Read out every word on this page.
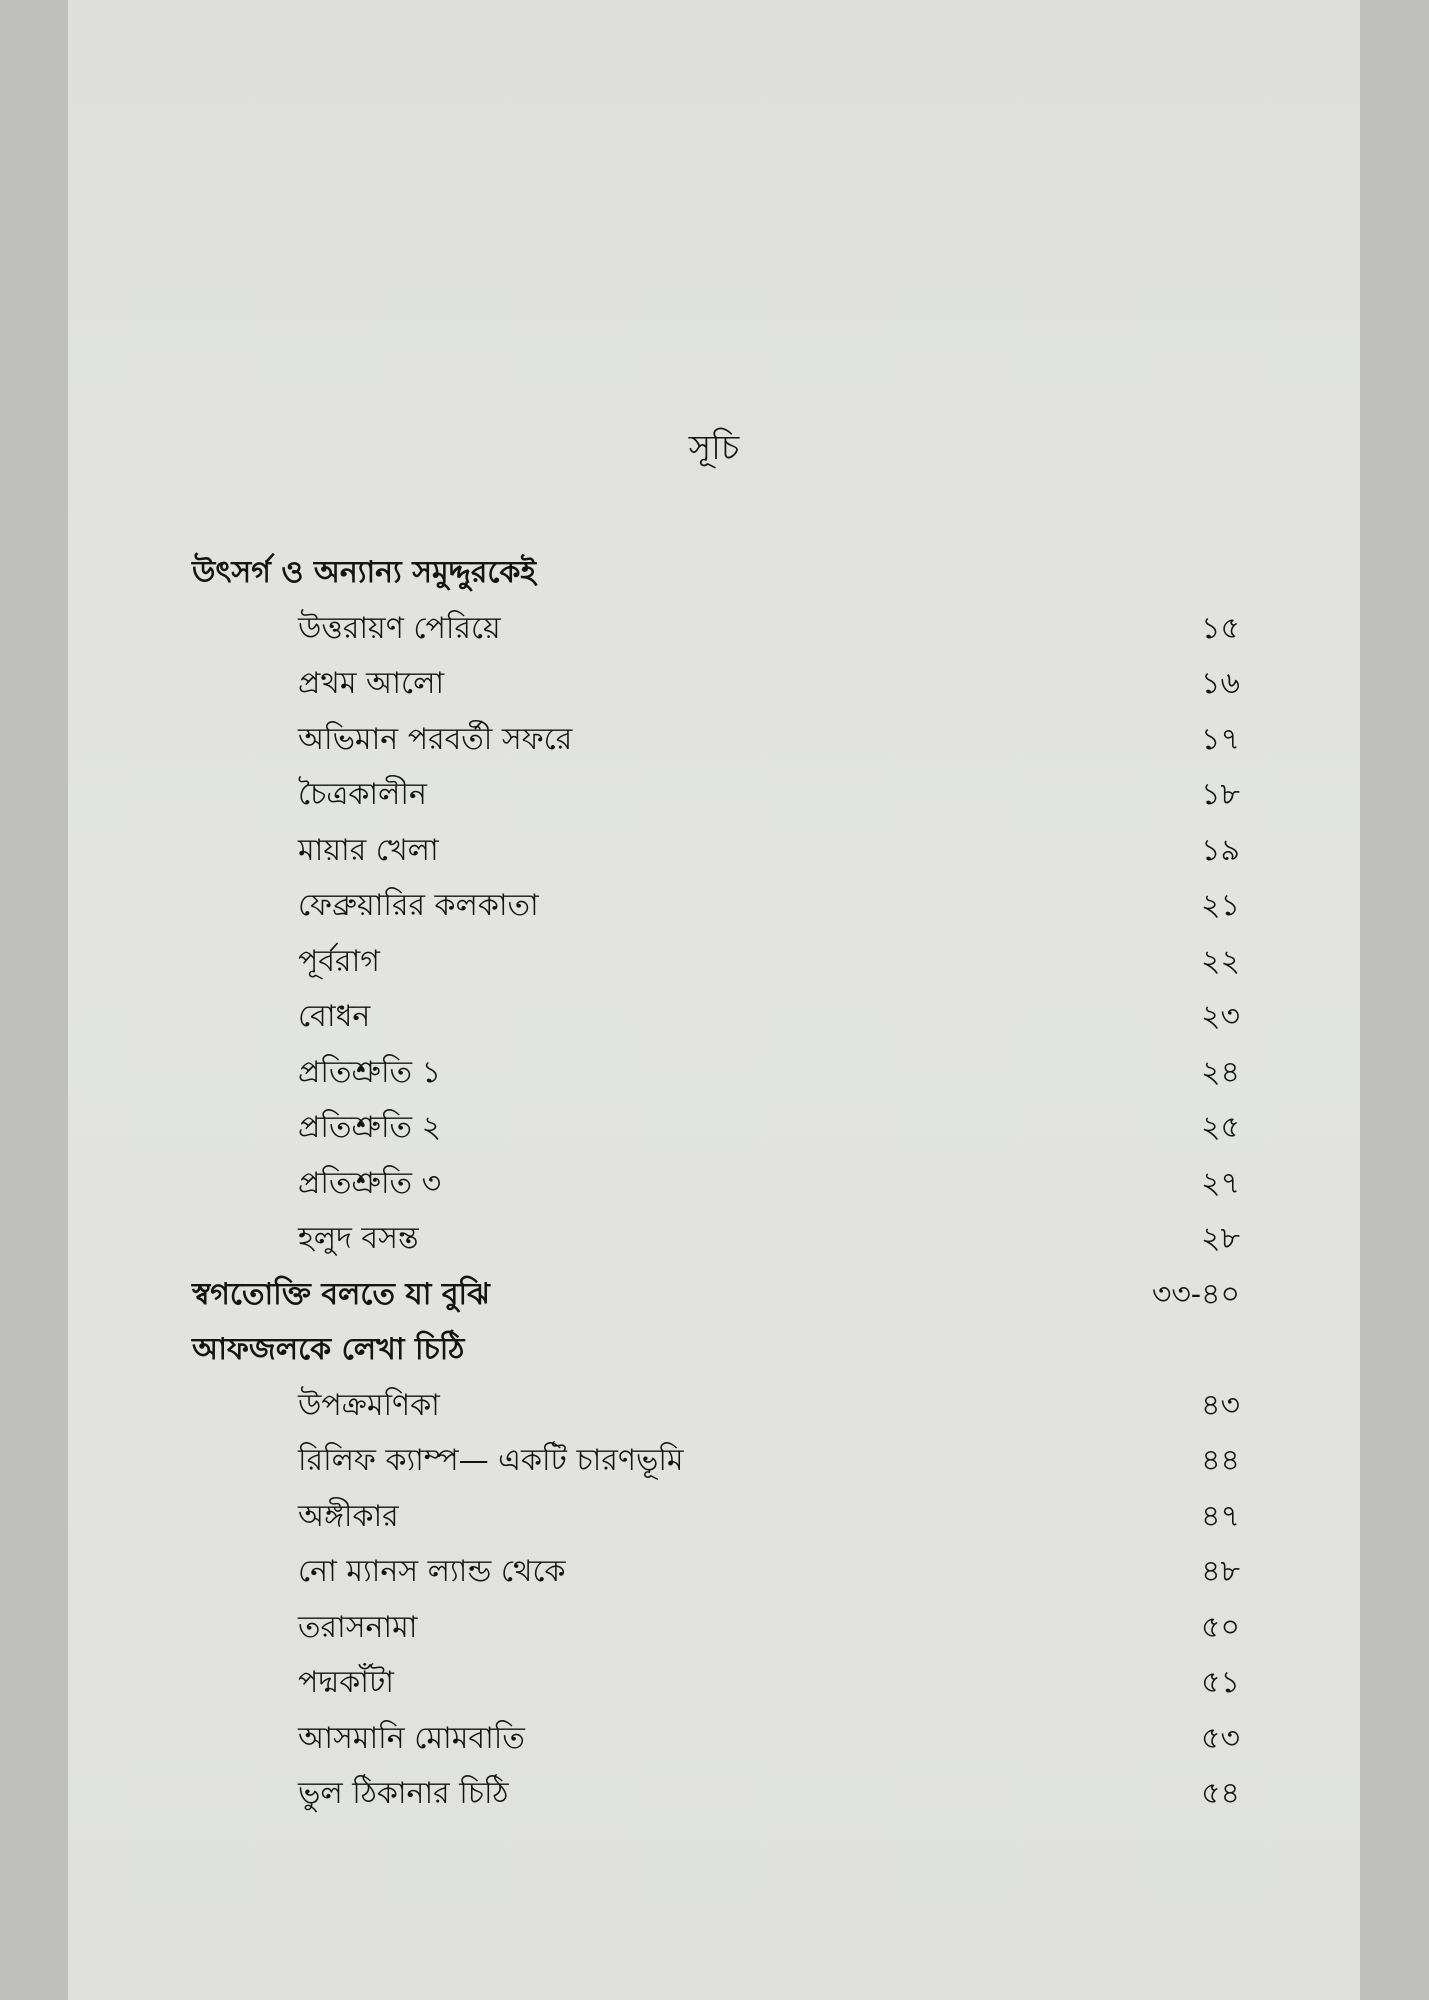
সূচি
উৎসর্গ ও অন্যান্য সমুদ্দুরকেই
উত্তরায়ণ পেরিয়ে	১৫
প্রথম আলো	১৬
অভিমান পরবর্তী সফরে	১৭
চৈত্রকালীন	১৮
মায়ার খেলা	১৯
ফেব্রুয়ারির কলকাতা	২১
পূর্বরাগ	২২
বোধন	২৩
প্রতিশ্রুতি ১	২৪
প্রতিশ্রুতি ২	২৫
প্রতিশ্রুতি ৩	২৭
হলুদ বসন্ত	২৮
স্বগতোক্তি বলতে যা বুঝি	৩৩-৪০
আফজলকে লেখা চিঠি
উপক্রমণিকা	৪৩
রিলিফ ক্যাম্প— একটি চারণভূমি	৪৪
অঙ্গীকার	৪৭
নো ম্যানস ল্যান্ড থেকে	৪৮
তরাসনামা	৫০
পদ্মকাঁটা	৫১
আসমানি মোমবাতি	৫৩
ভুল ঠিকানার চিঠি	৫৪
